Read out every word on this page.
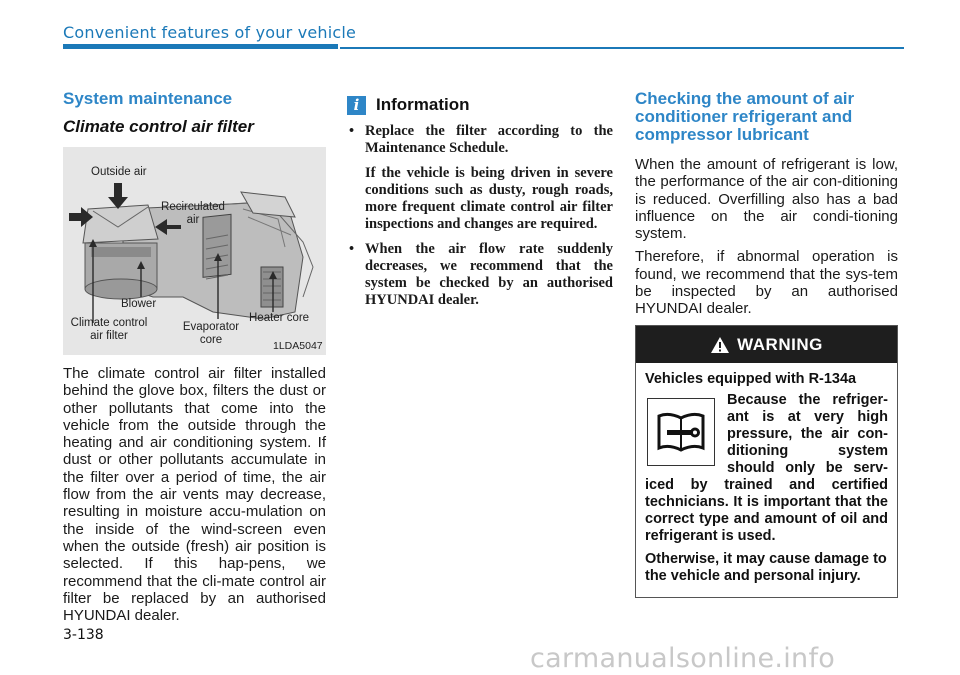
Convenient features of your vehicle
System maintenance
Climate control air filter
Outside air
Recirculated air
Blower
Climate control air filter
Evaporator core
Heater core
1LDA5047

The climate control air filter installed behind the glove box, filters the dust or other pollutants that come into the vehicle from the outside through the heating and air conditioning system. If dust or other pollutants accumulate in the filter over a period of time, the air flow from the air vents may decrease, resulting in moisture accu-mulation on the inside of the wind-screen even when the outside (fresh) air position is selected. If this hap-pens, we recommend that the cli-mate control air filter be replaced by an authorised HYUNDAI dealer.

i Information
• Replace the filter according to the Maintenance Schedule.

If the vehicle is being driven in severe conditions such as dusty, rough roads, more frequent climate control air filter inspections and changes are required.

• When the air flow rate suddenly decreases, we recommend that the system be checked by an authorised HYUNDAI dealer.

Checking the amount of air conditioner refrigerant and compressor lubricant

When the amount of refrigerant is low, the performance of the air con-ditioning is reduced. Overfilling also has a bad influence on the air condi-tioning system.

Therefore, if abnormal operation is found, we recommend that the sys-tem be inspected by an authorised HYUNDAI dealer.

WARNING

Vehicles equipped with R-134a

Because the refriger-ant is at very high pressure, the air con-ditioning system should only be serv-iced by trained and certified technicians. It is important that the correct type and amount of oil and refrigerant is used.

Otherwise, it may cause damage to the vehicle and personal injury.

3-138
carmanualsonline.info
